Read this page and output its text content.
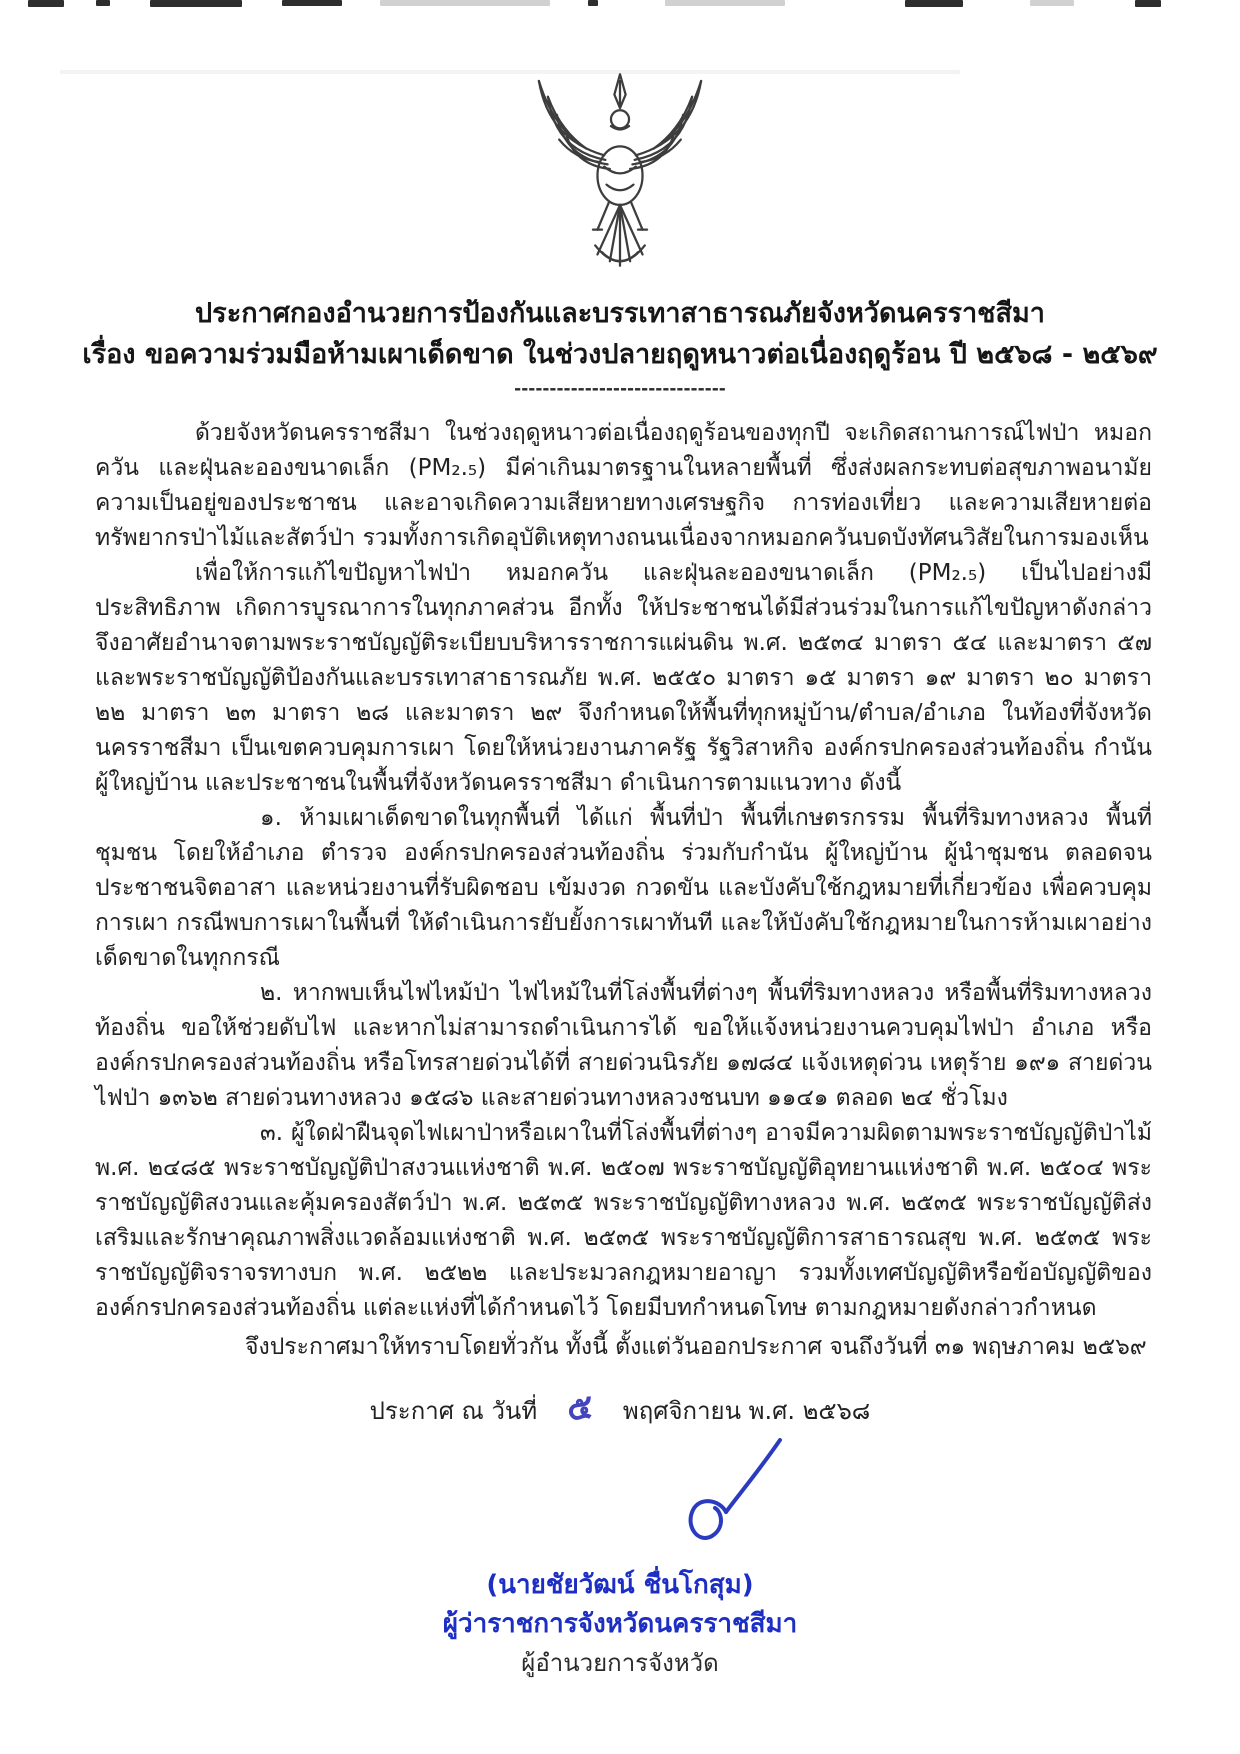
ประกาศกองอำนวยการป้องกันและบรรเทาสาธารณภัยจังหวัดนครราชสีมา
เรื่อง ขอความร่วมมือห้ามเผาเด็ดขาด ในช่วงปลายฤดูหนาวต่อเนื่องฤดูร้อน ปี ๒๕๖๘ - ๒๕๖๙
------------------------------

ด้วยจังหวัดนครราชสีมา ในช่วงฤดูหนาวต่อเนื่องฤดูร้อนของทุกปี จะเกิดสถานการณ์ไฟป่า หมอกควัน และฝุ่นละอองขนาดเล็ก (PM₂.₅) มีค่าเกินมาตรฐานในหลายพื้นที่ ซึ่งส่งผลกระทบต่อสุขภาพอนามัย ความเป็นอยู่ของประชาชน และอาจเกิดความเสียหายทางเศรษฐกิจ การท่องเที่ยว และความเสียหายต่อทรัพยากรป่าไม้และสัตว์ป่า รวมทั้งการเกิดอุบัติเหตุทางถนนเนื่องจากหมอกควันบดบังทัศนวิสัยในการมองเห็น

เพื่อให้การแก้ไขปัญหาไฟป่า หมอกควัน และฝุ่นละอองขนาดเล็ก (PM₂.₅) เป็นไปอย่างมีประสิทธิภาพ เกิดการบูรณาการในทุกภาคส่วน อีกทั้ง ให้ประชาชนได้มีส่วนร่วมในการแก้ไขปัญหาดังกล่าว จึงอาศัยอำนาจตามพระราชบัญญัติระเบียบบริหารราชการแผ่นดิน พ.ศ. ๒๕๓๔ มาตรา ๕๔ และมาตรา ๕๗ และพระราชบัญญัติป้องกันและบรรเทาสาธารณภัย พ.ศ. ๒๕๕๐ มาตรา ๑๕ มาตรา ๑๙ มาตรา ๒๐ มาตรา ๒๒ มาตรา ๒๓ มาตรา ๒๘ และมาตรา ๒๙ จึงกำหนดให้พื้นที่ทุกหมู่บ้าน/ตำบล/อำเภอ ในท้องที่จังหวัดนครราชสีมา เป็นเขตควบคุมการเผา โดยให้หน่วยงานภาครัฐ รัฐวิสาหกิจ องค์กรปกครองส่วนท้องถิ่น กำนัน ผู้ใหญ่บ้าน และประชาชนในพื้นที่จังหวัดนครราชสีมา ดำเนินการตามแนวทาง ดังนี้

๑. ห้ามเผาเด็ดขาดในทุกพื้นที่ ได้แก่ พื้นที่ป่า พื้นที่เกษตรกรรม พื้นที่ริมทางหลวง พื้นที่ชุมชน โดยให้อำเภอ ตำรวจ องค์กรปกครองส่วนท้องถิ่น ร่วมกับกำนัน ผู้ใหญ่บ้าน ผู้นำชุมชน ตลอดจนประชาชนจิตอาสา และหน่วยงานที่รับผิดชอบ เข้มงวด กวดขัน และบังคับใช้กฎหมายที่เกี่ยวข้อง เพื่อควบคุมการเผา กรณีพบการเผาในพื้นที่ ให้ดำเนินการยับยั้งการเผาทันที และให้บังคับใช้กฎหมายในการห้ามเผาอย่างเด็ดขาดในทุกกรณี

๒. หากพบเห็นไฟไหม้ป่า ไฟไหม้ในที่โล่งพื้นที่ต่างๆ พื้นที่ริมทางหลวง หรือพื้นที่ริมทางหลวงท้องถิ่น ขอให้ช่วยดับไฟ และหากไม่สามารถดำเนินการได้ ขอให้แจ้งหน่วยงานควบคุมไฟป่า อำเภอ หรือองค์กรปกครองส่วนท้องถิ่น หรือโทรสายด่วนได้ที่ สายด่วนนิรภัย ๑๗๘๔ แจ้งเหตุด่วน เหตุร้าย ๑๙๑ สายด่วนไฟป่า ๑๓๖๒ สายด่วนทางหลวง ๑๕๘๖ และสายด่วนทางหลวงชนบท ๑๑๔๑ ตลอด ๒๔ ชั่วโมง

๓. ผู้ใดฝ่าฝืนจุดไฟเผาป่าหรือเผาในที่โล่งพื้นที่ต่างๆ อาจมีความผิดตามพระราชบัญญัติป่าไม้ พ.ศ. ๒๔๘๕ พระราชบัญญัติป่าสงวนแห่งชาติ พ.ศ. ๒๕๐๗ พระราชบัญญัติอุทยานแห่งชาติ พ.ศ. ๒๕๐๔ พระราชบัญญัติสงวนและคุ้มครองสัตว์ป่า พ.ศ. ๒๕๓๕ พระราชบัญญัติทางหลวง พ.ศ. ๒๕๓๕ พระราชบัญญัติส่งเสริมและรักษาคุณภาพสิ่งแวดล้อมแห่งชาติ พ.ศ. ๒๕๓๕ พระราชบัญญัติการสาธารณสุข พ.ศ. ๒๕๓๕ พระราชบัญญัติจราจรทางบก พ.ศ. ๒๕๒๒ และประมวลกฎหมายอาญา รวมทั้งเทศบัญญัติหรือข้อบัญญัติขององค์กรปกครองส่วนท้องถิ่น แต่ละแห่งที่ได้กำหนดไว้ โดยมีบทกำหนดโทษ ตามกฎหมายดังกล่าวกำหนด

จึงประกาศมาให้ทราบโดยทั่วกัน ทั้งนี้ ตั้งแต่วันออกประกาศ จนถึงวันที่ ๓๑ พฤษภาคม ๒๕๖๙

ประกาศ ณ วันที่ ๕ พฤศจิกายน พ.ศ. ๒๕๖๘
(นายชัยวัฒน์ ชื่นโกสุม)
ผู้ว่าราชการจังหวัดนครราชสีมา
ผู้อำนวยการจังหวัด
